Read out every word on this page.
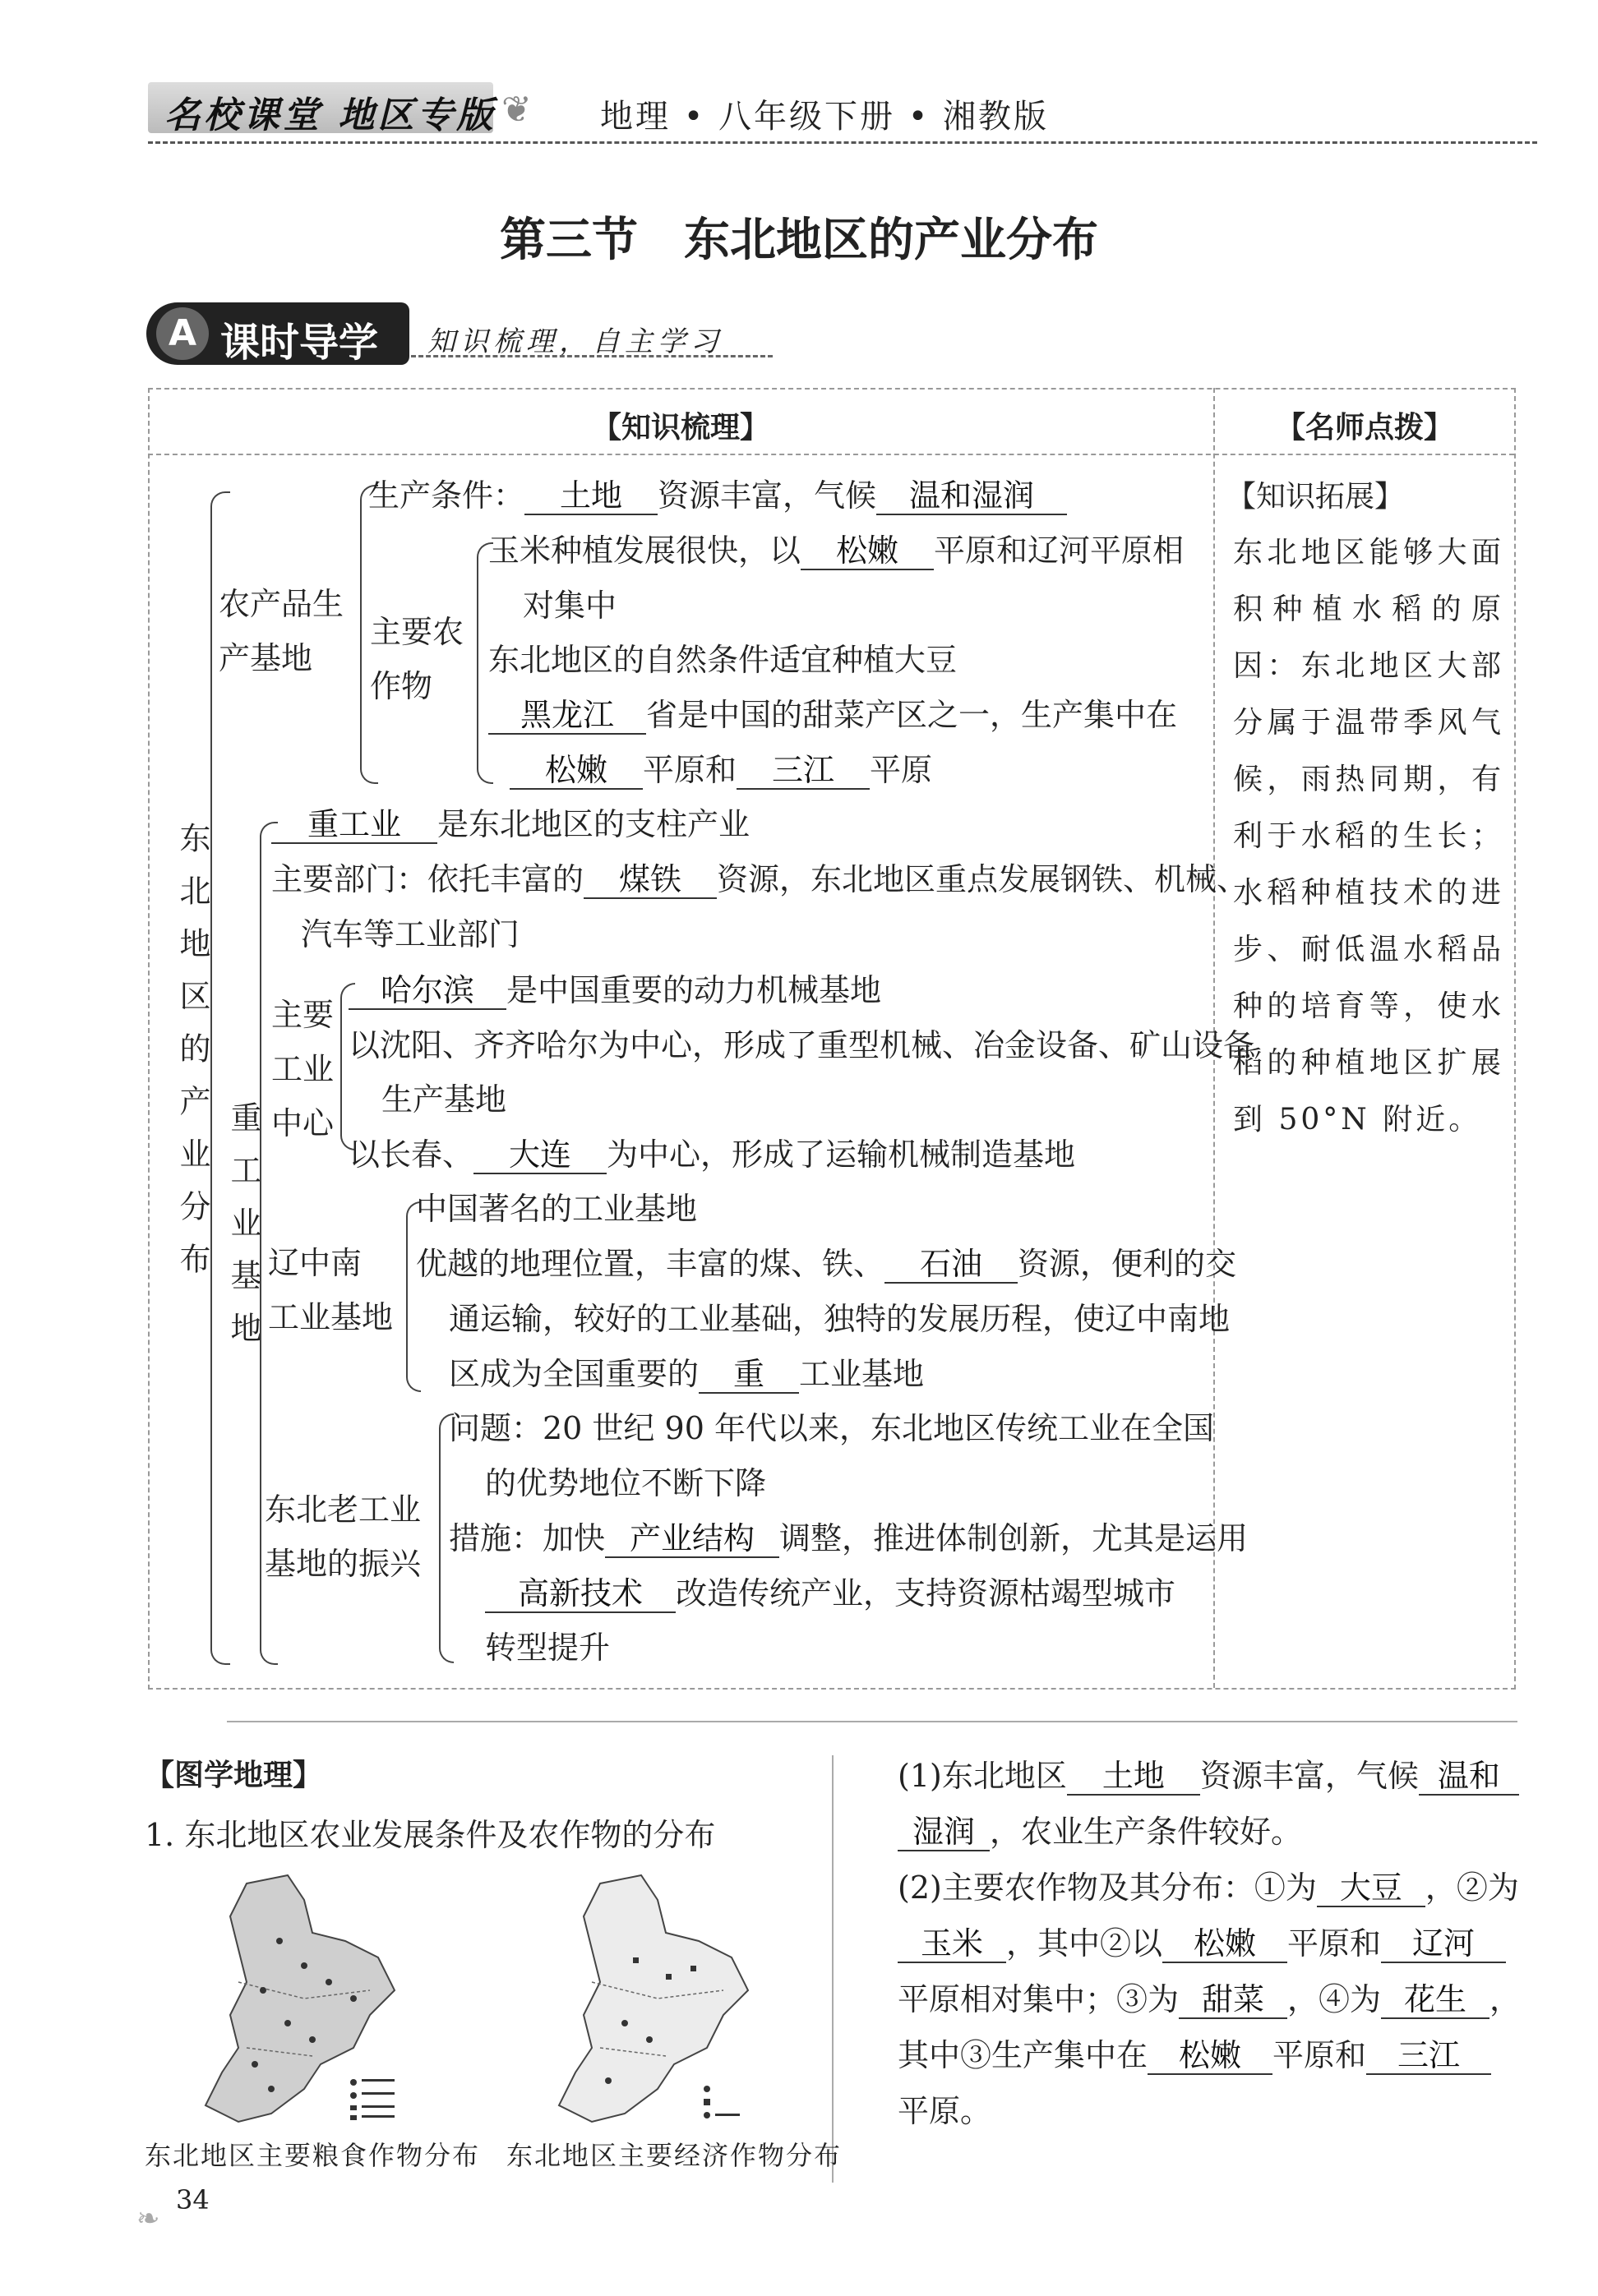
名校课堂 地区专版 ❦ 地理 • 八年级下册 • 湘教版
第三节　东北地区的产业分布
A 课时导学 知识梳理，自主学习
【知识梳理】	【名师点拨】
东北地区的产业分布
农产品生
产基地
生产条件： 土地 资源丰富，气候 温和湿润
主要农
作物
玉米种植发展很快，以 松嫩 平原和辽河平原相
对集中
东北地区的自然条件适宜种植大豆
黑龙江 省是中国的甜菜产区之一，生产集中在
松嫩 平原和 三江 平原
重工业基地
重工业 是东北地区的支柱产业
主要部门：依托丰富的 煤铁 资源，东北地区重点发展钢铁、机械、
汽车等工业部门
主要
工业
中心
哈尔滨 是中国重要的动力机械基地
以沈阳、齐齐哈尔为中心，形成了重型机械、冶金设备、矿山设备
生产基地
以长春、 大连 为中心，形成了运输机械制造基地
辽中南
工业基地
中国著名的工业基地
优越的地理位置，丰富的煤、铁、 石油 资源，便利的交
通运输，较好的工业基础，独特的发展历程，使辽中南地
区成为全国重要的 重 工业基地
东北老工业
基地的振兴
问题：20 世纪 90 年代以来，东北地区传统工业在全国
的优势地位不断下降
措施：加快 产业结构 调整，推进体制创新，尤其是运用
高新技术 改造传统产业，支持资源枯竭型城市
转型提升
【知识拓展】
东北地区能够大面积种植水稻的原因：东北地区大部分属于温带季风气候，雨热同期，有利于水稻的生长；水稻种植技术的进步、耐低温水稻品种的培育等，使水稻的种植地区扩展到 50°N 附近。
【图学地理】
1. 东北地区农业发展条件及农作物的分布
东北地区主要粮食作物分布 东北地区主要经济作物分布
(1)东北地区 土地 资源丰富，气候 温和
湿润 ，农业生产条件较好。
(2)主要农作物及其分布：①为 大豆 ，②为
玉米 ，其中②以 松嫩 平原和 辽河
平原相对集中；③为 甜菜 ，④为 花生 ，
其中③生产集中在 松嫩 平原和 三江
平原。
34
❧
